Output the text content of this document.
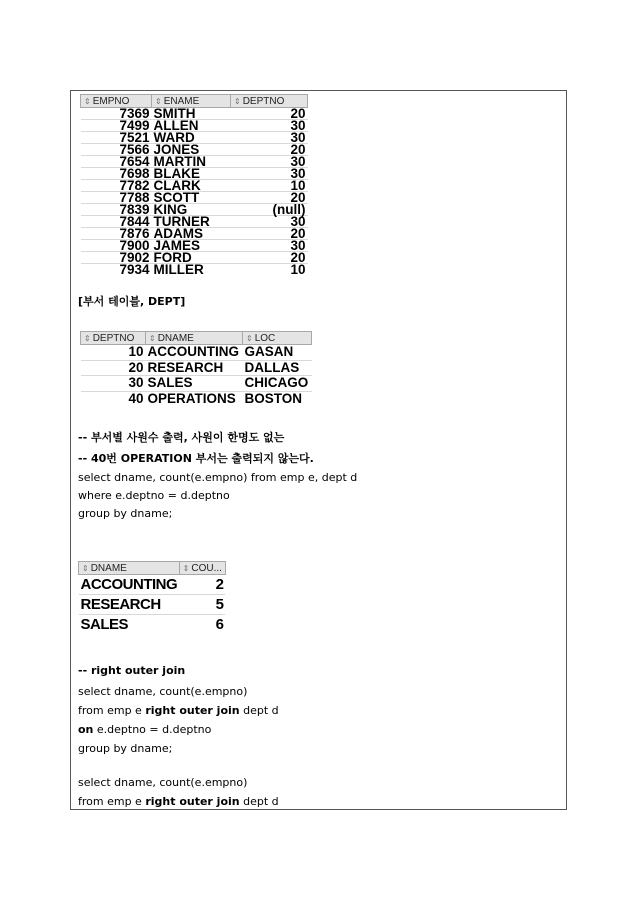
⇕ EMPNO	⇕ ENAME	⇕ DEPTNO
7369	SMITH	20
7499	ALLEN	30
7521	WARD	30
7566	JONES	20
7654	MARTIN	30
7698	BLAKE	30
7782	CLARK	10
7788	SCOTT	20
7839	KING	(null)
7844	TURNER	30
7876	ADAMS	20
7900	JAMES	30
7902	FORD	20
7934	MILLER	10
[부서 테이블, DEPT]
⇕ DEPTNO	⇕ DNAME	⇕ LOC
10	ACCOUNTING	GASAN
20	RESEARCH	DALLAS
30	SALES	CHICAGO
40	OPERATIONS	BOSTON
-- 부서별 사원수 출력, 사원이 한명도 없는
-- 40번 OPERATION 부서는 출력되지 않는다.
select dname, count(e.empno) from emp e, dept d
where e.deptno = d.deptno
group by dname;
⇕ DNAME	⇕ COU...
ACCOUNTING	2
RESEARCH	5
SALES	6
-- right outer join
select dname, count(e.empno)
from emp e right outer join dept d
on e.deptno = d.deptno
group by dname;
select dname, count(e.empno)
from emp e right outer join dept d
